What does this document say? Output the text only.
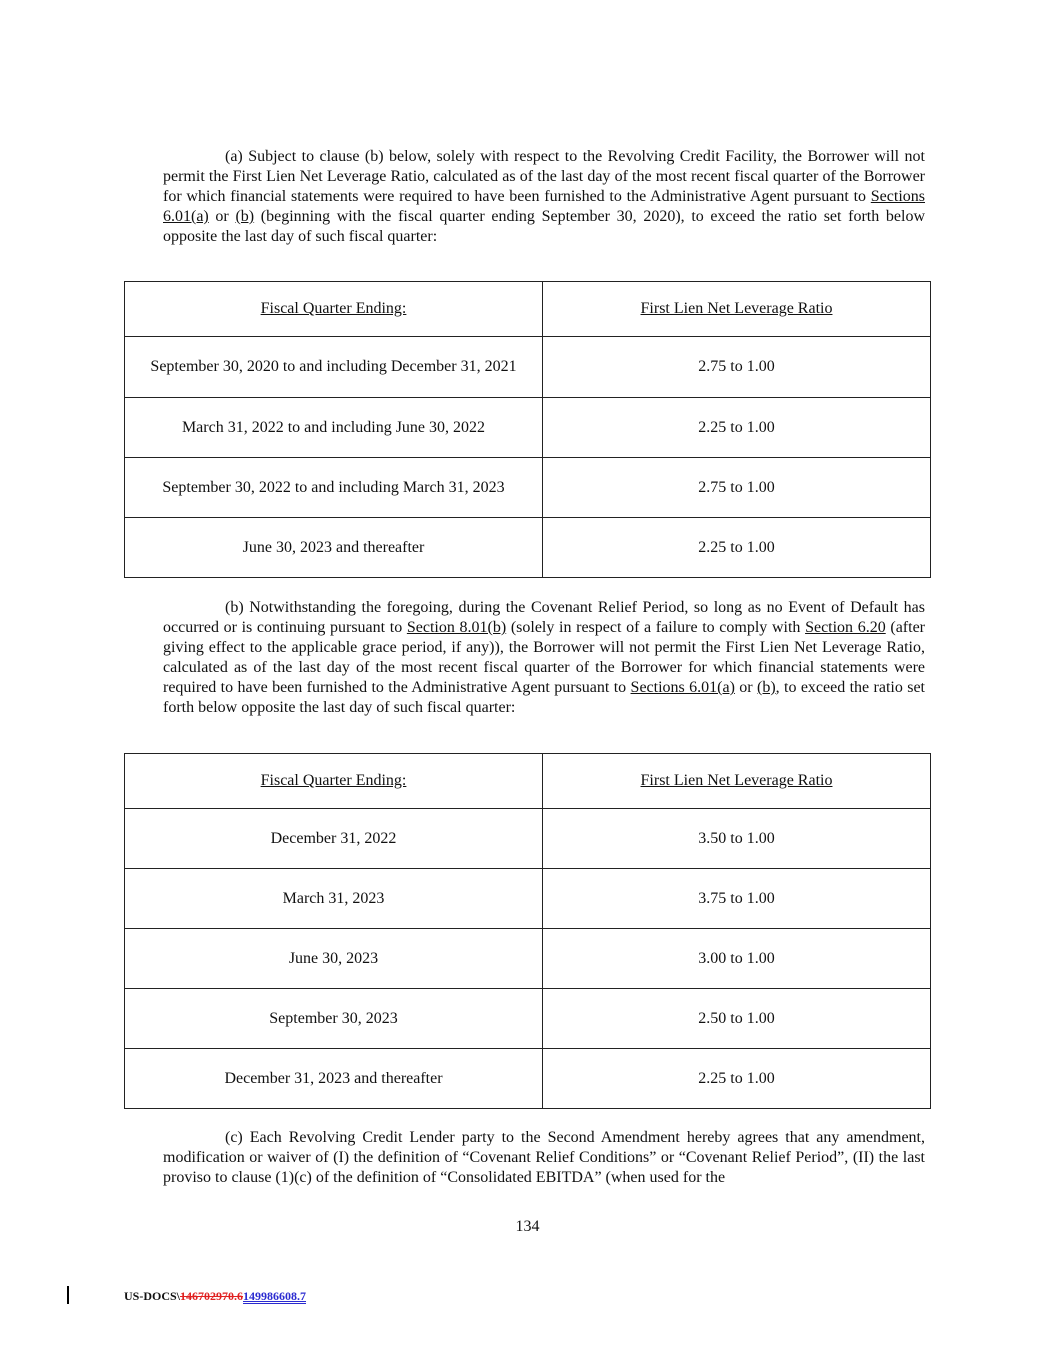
(a) Subject to clause (b) below, solely with respect to the Revolving Credit Facility, the Borrower will not permit the First Lien Net Leverage Ratio, calculated as of the last day of the most recent fiscal quarter of the Borrower for which financial statements were required to have been furnished to the Administrative Agent pursuant to Sections 6.01(a) or (b) (beginning with the fiscal quarter ending September 30, 2020), to exceed the ratio set forth below opposite the last day of such fiscal quarter:

Fiscal Quarter Ending:	First Lien Net Leverage Ratio
September 30, 2020 to and including December 31, 2021	2.75 to 1.00
March 31, 2022 to and including June 30, 2022	2.25 to 1.00
September 30, 2022 to and including March 31, 2023	2.75 to 1.00
June 30, 2023 and thereafter	2.25 to 1.00

(b) Notwithstanding the foregoing, during the Covenant Relief Period, so long as no Event of Default has occurred or is continuing pursuant to Section 8.01(b) (solely in respect of a failure to comply with Section 6.20 (after giving effect to the applicable grace period, if any)), the Borrower will not permit the First Lien Net Leverage Ratio, calculated as of the last day of the most recent fiscal quarter of the Borrower for which financial statements were required to have been furnished to the Administrative Agent pursuant to Sections 6.01(a) or (b), to exceed the ratio set forth below opposite the last day of such fiscal quarter:

Fiscal Quarter Ending:	First Lien Net Leverage Ratio
December 31, 2022	3.50 to 1.00
March 31, 2023	3.75 to 1.00
June 30, 2023	3.00 to 1.00
September 30, 2023	2.50 to 1.00
December 31, 2023 and thereafter	2.25 to 1.00

(c) Each Revolving Credit Lender party to the Second Amendment hereby agrees that any amendment, modification or waiver of (I) the definition of “Covenant Relief Conditions” or “Covenant Relief Period”, (II) the last proviso to clause (1)(c) of the definition of “Consolidated EBITDA” (when used for the

134
US-DOCS\146702970.6149986608.7
